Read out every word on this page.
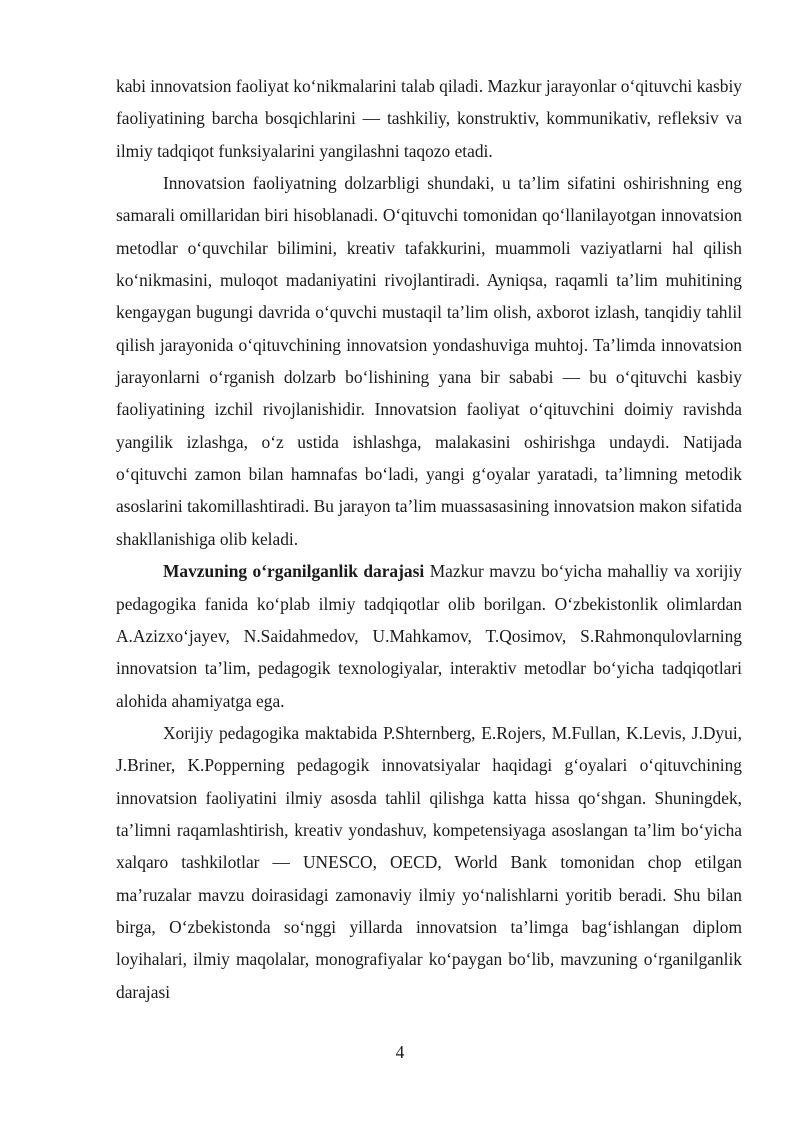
kabi innovatsion faoliyat koʻnikmalarini talab qiladi. Mazkur jarayonlar oʻqituvchi kasbiy faoliyatining barcha bosqichlarini — tashkiliy, konstruktiv, kommunikativ, refleksiv va ilmiy tadqiqot funksiyalarini yangilashni taqozo etadi.

Innovatsion faoliyatning dolzarbligi shundaki, u ta’lim sifatini oshirishning eng samarali omillaridan biri hisoblanadi. Oʻqituvchi tomonidan qoʻllanilayotgan innovatsion metodlar oʻquvchilar bilimini, kreativ tafakkurini, muammoli vaziyatlarni hal qilish koʻnikmasini, muloqot madaniyatini rivojlantiradi. Ayniqsa, raqamli ta’lim muhitining kengaygan bugungi davrida oʻquvchi mustaqil ta’lim olish, axborot izlash, tanqidiy tahlil qilish jarayonida oʻqituvchining innovatsion yondashuviga muhtoj. Ta’limda innovatsion jarayonlarni oʻrganish dolzarb boʻlishining yana bir sababi — bu oʻqituvchi kasbiy faoliyatining izchil rivojlanishidir. Innovatsion faoliyat oʻqituvchini doimiy ravishda yangilik izlashga, oʻz ustida ishlashga, malakasini oshirishga undaydi. Natijada oʻqituvchi zamon bilan hamnafas boʻladi, yangi gʻoyalar yaratadi, ta’limning metodik asoslarini takomillashtiradi. Bu jarayon ta’lim muassasasining innovatsion makon sifatida shakllanishiga olib keladi.

Mavzuning oʻrganilganlik darajasi Mazkur mavzu boʻyicha mahalliy va xorijiy pedagogika fanida koʻplab ilmiy tadqiqotlar olib borilgan. Oʻzbekistonlik olimlardan A.Azizxoʻjayev, N.Saidahmedov, U.Mahkamov, T.Qosimov, S.Rahmonqulovlarning innovatsion ta’lim, pedagogik texnologiyalar, interaktiv metodlar boʻyicha tadqiqotlari alohida ahamiyatga ega.

Xorijiy pedagogika maktabida P.Shternberg, E.Rojers, M.Fullan, K.Levis, J.Dyui, J.Briner, K.Popperning pedagogik innovatsiyalar haqidagi gʻoyalari oʻqituvchining innovatsion faoliyatini ilmiy asosda tahlil qilishga katta hissa qoʻshgan. Shuningdek, ta’limni raqamlashtirish, kreativ yondashuv, kompetensiyaga asoslangan ta’lim boʻyicha xalqaro tashkilotlar — UNESCO, OECD, World Bank tomonidan chop etilgan ma’ruzalar mavzu doirasidagi zamonaviy ilmiy yoʻnalishlarni yoritib beradi. Shu bilan birga, Oʻzbekistonda soʻnggi yillarda innovatsion ta’limga bagʻishlangan diplom loyihalari, ilmiy maqolalar, monografiyalar koʻpaygan boʻlib, mavzuning oʻrganilganlik darajasi

4
